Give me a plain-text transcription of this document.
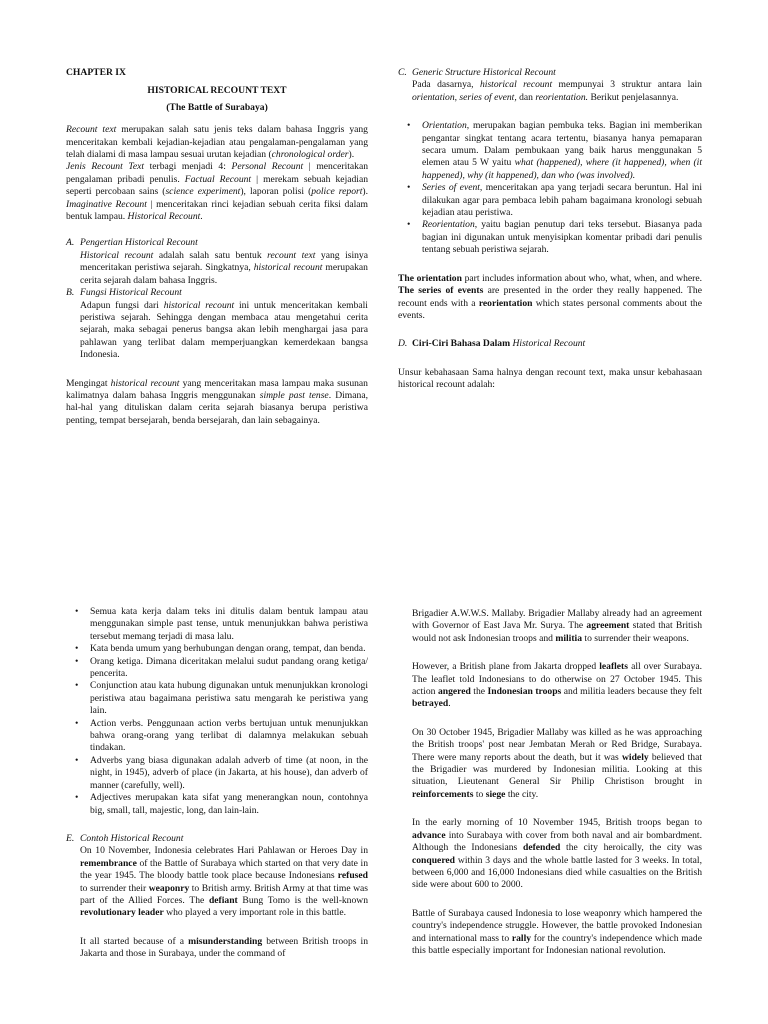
CHAPTER IX

HISTORICAL RECOUNT TEXT

(The Battle of Surabaya)

Recount text merupakan salah satu jenis teks dalam bahasa Inggris yang menceritakan kembali kejadian-kejadian atau pengalaman-pengalaman yang telah dialami di masa lampau sesuai urutan kejadian (chronological order).

Jenis Recount Text terbagi menjadi 4: Personal Recount | menceritakan pengalaman pribadi penulis. Factual Recount | merekam sebuah kejadian seperti percobaan sains (science experiment), laporan polisi (police report). Imaginative Recount | menceritakan rinci kejadian sebuah cerita fiksi dalam bentuk lampau. Historical Recount.

A. Pengertian Historical Recount

Historical recount adalah salah satu bentuk recount text yang isinya menceritakan peristiwa sejarah. Singkatnya, historical recount merupakan cerita sejarah dalam bahasa Inggris.

B. Fungsi Historical Recount

Adapun fungsi dari historical recount ini untuk menceritakan kembali peristiwa sejarah. Sehingga dengan membaca atau mengetahui cerita sejarah, maka sebagai penerus bangsa akan lebih menghargai jasa para pahlawan yang terlibat dalam memperjuangkan kemerdekaan bangsa Indonesia.

Mengingat historical recount yang menceritakan masa lampau maka susunan kalimatnya dalam bahasa Inggris menggunakan simple past tense. Dimana, hal-hal yang dituliskan dalam cerita sejarah biasanya berupa peristiwa penting, tempat bersejarah, benda bersejarah, dan lain sebagainya.

C. Generic Structure Historical Recount

Pada dasarnya, historical recount mempunyai 3 struktur antara lain orientation, series of event, dan reorientation. Berikut penjelasannya.

• Orientation, merupakan bagian pembuka teks. Bagian ini memberikan pengantar singkat tentang acara tertentu, biasanya hanya pemaparan secara umum. Dalam pembukaan yang baik harus menggunakan 5 elemen atau 5 W yaitu what (happened), where (it happened), when (it happened), why (it happened), dan who (was involved).
• Series of event, menceritakan apa yang terjadi secara beruntun. Hal ini dilakukan agar para pembaca lebih paham bagaimana kronologi sebuah kejadian atau peristiwa.
• Reorientation, yaitu bagian penutup dari teks tersebut. Biasanya pada bagian ini digunakan untuk menyisipkan komentar pribadi dari penulis tentang sebuah peristiwa sejarah.

The orientation part includes information about who, what, when, and where. The series of events are presented in the order they really happened. The recount ends with a reorientation which states personal comments about the events.

D. Ciri-Ciri Bahasa Dalam Historical Recount

Unsur kebahasaan Sama halnya dengan recount text, maka unsur kebahasaan historical recount adalah:

• Semua kata kerja dalam teks ini ditulis dalam bentuk lampau atau menggunakan simple past tense, untuk menunjukkan bahwa peristiwa tersebut memang terjadi di masa lalu.
• Kata benda umum yang berhubungan dengan orang, tempat, dan benda.
• Orang ketiga. Dimana diceritakan melalui sudut pandang orang ketiga/ pencerita.
• Conjunction atau kata hubung digunakan untuk menunjukkan kronologi peristiwa atau bagaimana peristiwa satu mengarah ke peristiwa yang lain.
• Action verbs. Penggunaan action verbs bertujuan untuk menunjukkan bahwa orang-orang yang terlibat di dalamnya melakukan sebuah tindakan.
• Adverbs yang biasa digunakan adalah adverb of time (at noon, in the night, in 1945), adverb of place (in Jakarta, at his house), dan adverb of manner (carefully, well).
• Adjectives merupakan kata sifat yang menerangkan noun, contohnya big, small, tall, majestic, long, dan lain-lain.
E. Contoh Historical Recount

On 10 November, Indonesia celebrates Hari Pahlawan or Heroes Day in remembrance of the Battle of Surabaya which started on that very date in the year 1945. The bloody battle took place because Indonesians refused to surrender their weaponry to British army. British Army at that time was part of the Allied Forces. The defiant Bung Tomo is the well-known revolutionary leader who played a very important role in this battle.

It all started because of a misunderstanding between British troops in Jakarta and those in Surabaya, under the command of

Brigadier A.W.W.S. Mallaby. Brigadier Mallaby already had an agreement with Governor of East Java Mr. Surya. The agreement stated that British would not ask Indonesian troops and militia to surrender their weapons.

However, a British plane from Jakarta dropped leaflets all over Surabaya. The leaflet told Indonesians to do otherwise on 27 October 1945. This action angered the Indonesian troops and militia leaders because they felt betrayed.

On 30 October 1945, Brigadier Mallaby was killed as he was approaching the British troops' post near Jembatan Merah or Red Bridge, Surabaya. There were many reports about the death, but it was widely believed that the Brigadier was murdered by Indonesian militia. Looking at this situation, Lieutenant General Sir Philip Christison brought in reinforcements to siege the city.

In the early morning of 10 November 1945, British troops began to advance into Surabaya with cover from both naval and air bombardment. Although the Indonesians defended the city heroically, the city was conquered within 3 days and the whole battle lasted for 3 weeks. In total, between 6,000 and 16,000 Indonesians died while casualties on the British side were about 600 to 2000.

Battle of Surabaya caused Indonesia to lose weaponry which hampered the country's independence struggle. However, the battle provoked Indonesian and international mass to rally for the country's independence which made this battle especially important for Indonesian national revolution.
